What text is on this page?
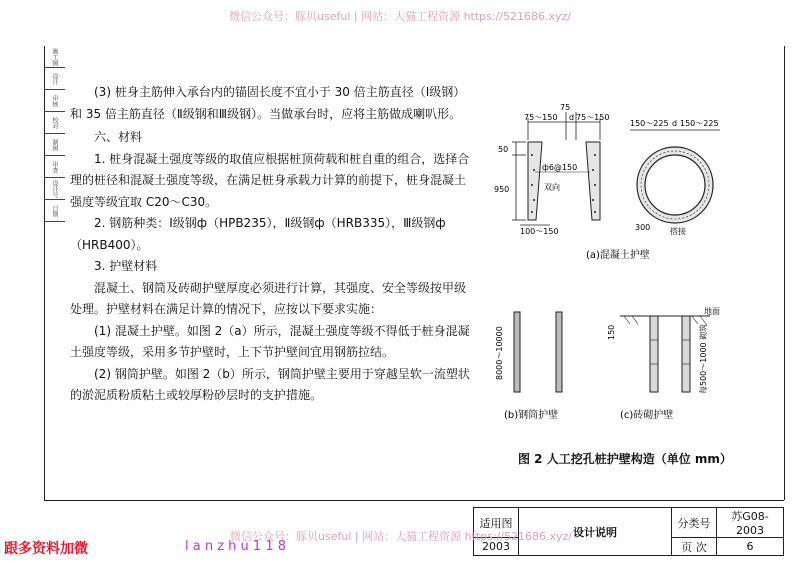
微信公众号：豚贝useful | 网站：大猫工程资源 https://521686.xyz/
施工图
设计
审核
校对
制图
审查
设计号
日期

(3) 桩身主筋伸入承台内的锚固长度不宜小于 30 倍主筋直径（Ⅰ级钢）和 35 倍主筋直径（Ⅱ级钢和Ⅲ级钢）。当做承台时，应将主筋做成喇叭形。

六、材料

1. 桩身混凝土强度等级的取值应根据桩顶荷载和桩自重的组合，选择合理的桩径和混凝土强度等级，在满足桩身承载力计算的前提下，桩身混凝土强度等级宜取 C20～C30。

2. 钢筋种类：Ⅰ级钢ф（HPB235），Ⅱ级钢ф（HRB335），Ⅲ级钢ф（HRB400）。

3. 护壁材料

混凝土、钢筒及砖砌护壁厚度必须进行计算，其强度、安全等级按甲级处理。护壁材料在满足计算的情况下，应按以下要求实施：

(1) 混凝土护壁。如图 2（a）所示，混凝土强度等级不得低于桩身混凝土强度等级，采用多节护壁时，上下节护壁间宜用钢筋拉结。

(2) 钢筒护壁。如图 2（b）所示，钢筒护壁主要用于穿越呈软一流塑状的淤泥质粉质粘土或较厚粉砂层时的支护措施。

75
75～150 d 75～150
ф6@150
双向
50
950
100～150
150～225 d 150～225
300 搭接
(a)混凝土护壁
8000～10000
(b)钢筒护壁
150
地面
每500～1000 砌筑
(c)砖砌护壁
图 2 人工挖孔桩护壁构造（单位 mm）
适用图	设计说明	分类号	苏G08-2003
2003		页 次	6
微信公众号：豚贝useful | 网站：大猫工程资源 https://521686.xyz/
跟多资料加微	l a n z h u 1 1 8
